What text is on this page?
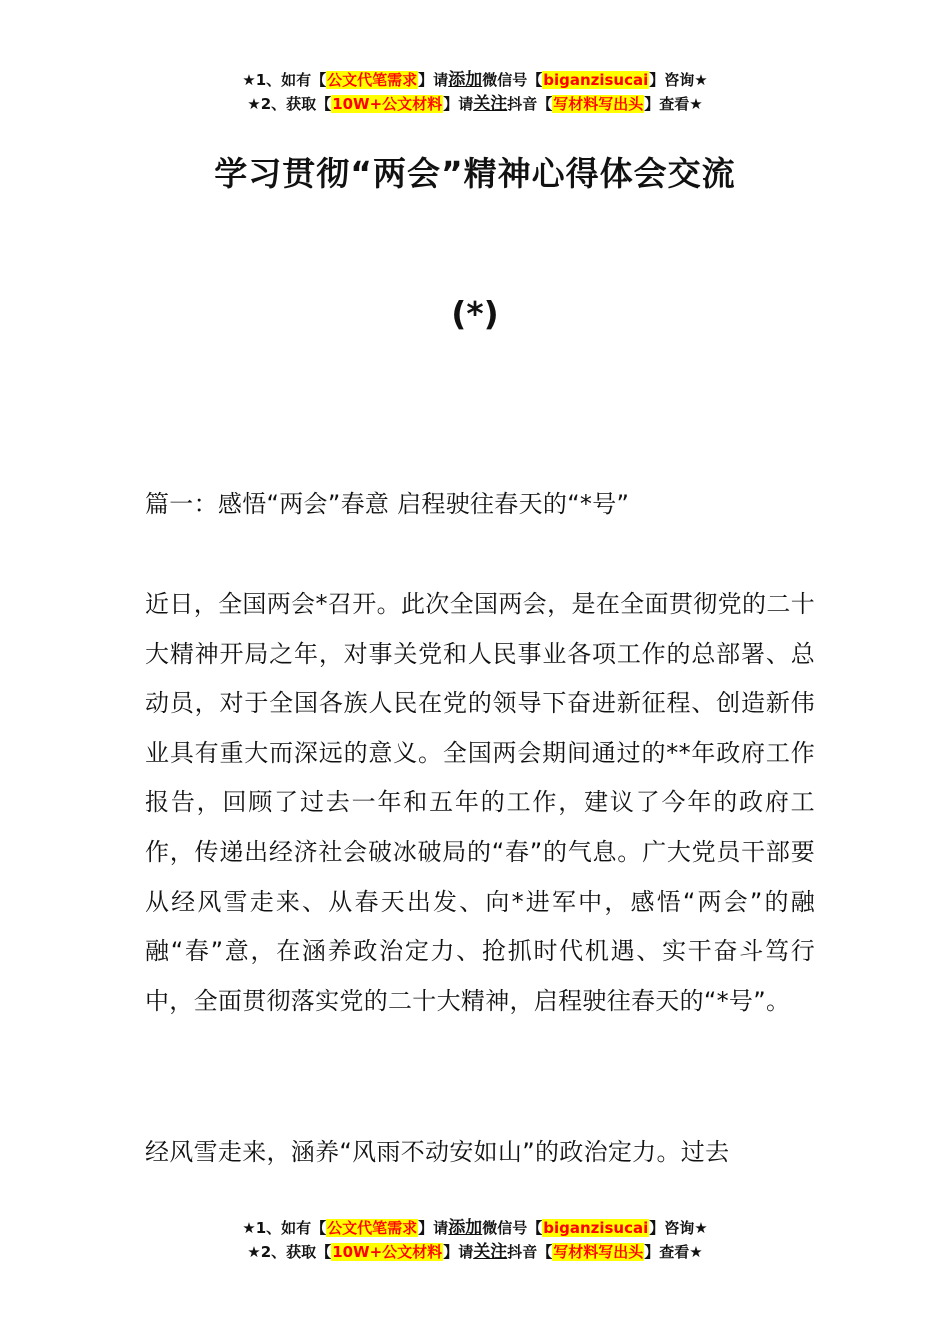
★1、如有【公文代笔需求】请添加微信号【biganzisucai】咨询★
★2、获取【10W+公文材料】请关注抖音【写材料写出头】查看★
学习贯彻“两会”精神心得体会交流
(*)
篇一：感悟“两会”春意 启程驶往春天的“*号”
近日，全国两会*召开。此次全国两会，是在全面贯彻党的二十大精神开局之年，对事关党和人民事业各项工作的总部署、总动员，对于全国各族人民在党的领导下奋进新征程、创造新伟业具有重大而深远的意义。全国两会期间通过的**年政府工作报告，回顾了过去一年和五年的工作，建议了今年的政府工作，传递出经济社会破冰破局的“春”的气息。广大党员干部要从经风雪走来、从春天出发、向*进军中，感悟“两会”的融融“春”意，在涵养政治定力、抢抓时代机遇、实干奋斗笃行中，全面贯彻落实党的二十大精神，启程驶往春天的“*号”。
经风雪走来，涵养“风雨不动安如山”的政治定力。过去
★1、如有【公文代笔需求】请添加微信号【biganzisucai】咨询★
★2、获取【10W+公文材料】请关注抖音【写材料写出头】查看★
